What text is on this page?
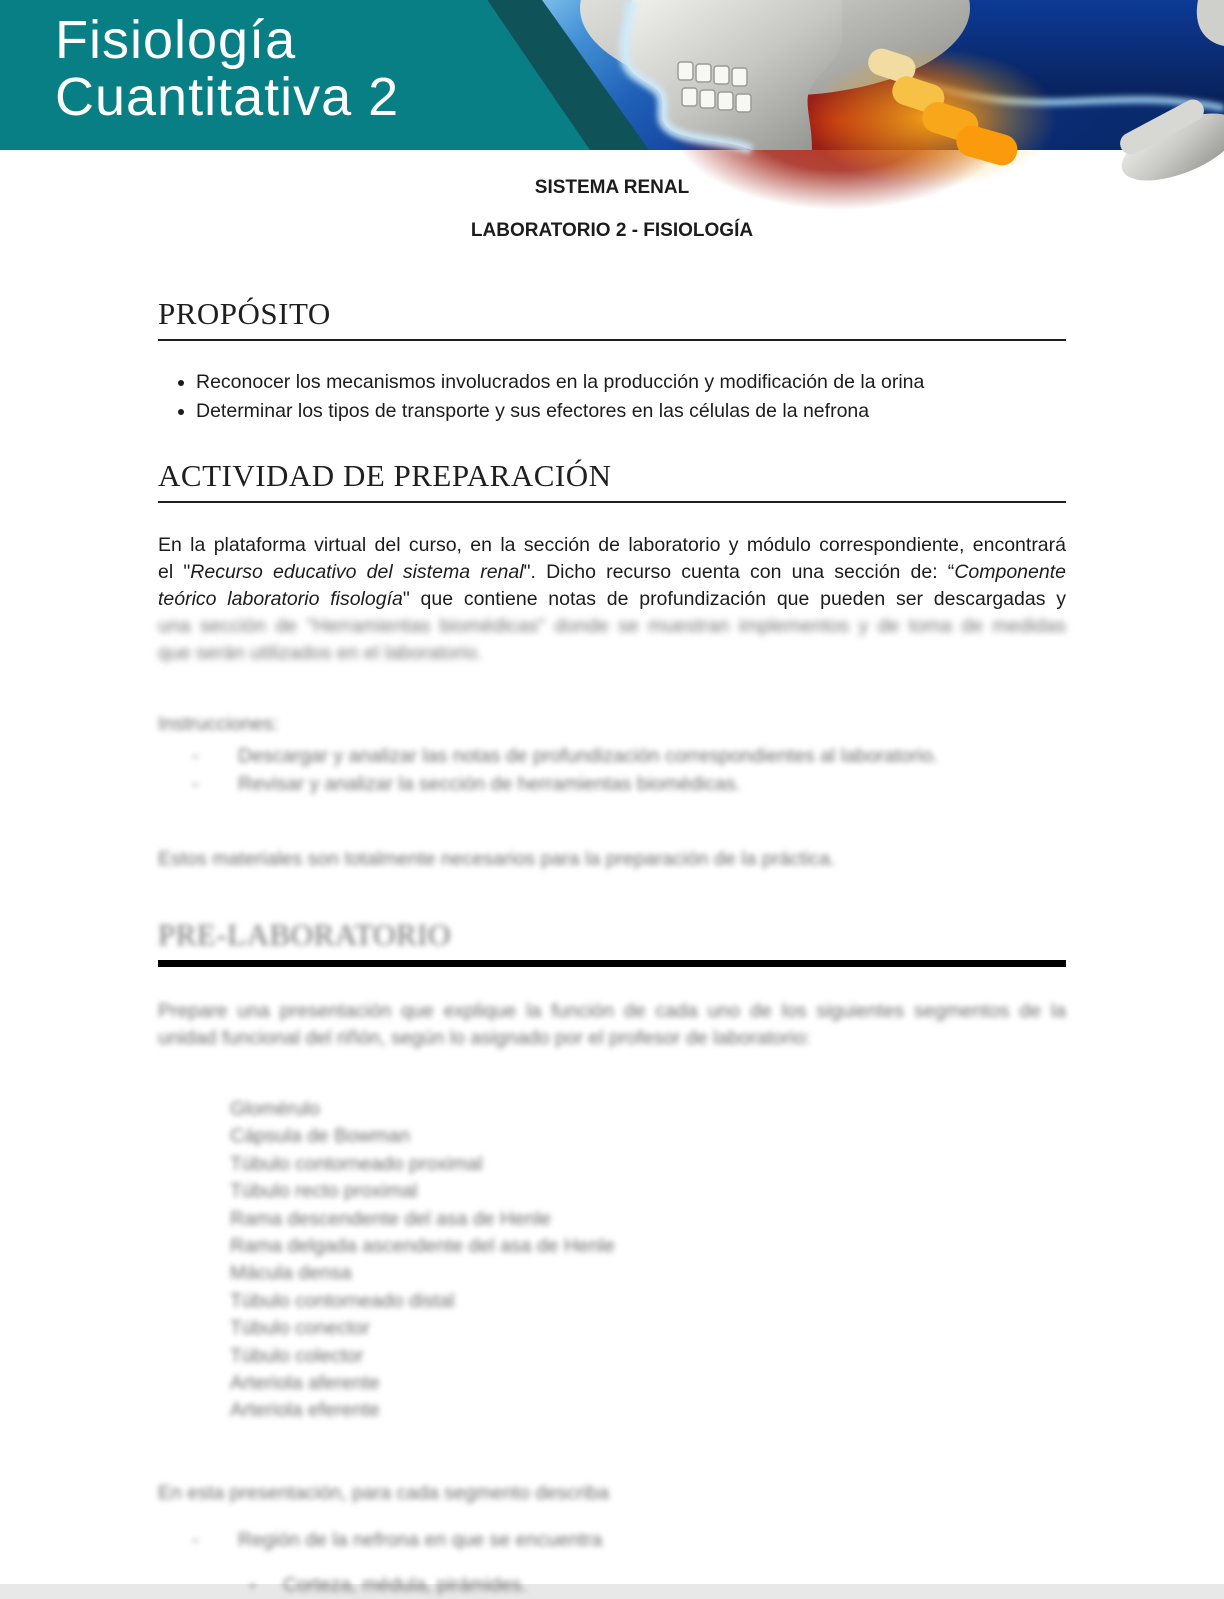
Fisiología
Cuantitativa 2

SISTEMA RENAL

LABORATORIO 2 - FISIOLOGÍA

PROPÓSITO
• Reconocer los mecanismos involucrados en la producción y modificación de la orina
• Determinar los tipos de transporte y sus efectores en las células de la nefrona
ACTIVIDAD DE PREPARACIÓN
En la plataforma virtual del curso, en la sección de laboratorio y módulo correspondiente, encontrará
el "Recurso educativo del sistema renal". Dicho recurso cuenta con una sección de: “Componente
teórico laboratorio fisología" que contiene notas de profundización que pueden ser descargadas y
una sección de "Herramientas biomédicas" donde se muestran implementos y de toma de medidas
que serán utilizados en el laboratorio.

Instrucciones:

-	Descargar y analizar las notas de profundización correspondientes al laboratorio.
-	Revisar y analizar la sección de herramientas biomédicas.

Estos materiales son totalmente necesarios para la preparación de la práctica.

PRE-LABORATORIO
Prepare una presentación que explique la función de cada uno de los siguientes segmentos de la
unidad funcional del riñón, según lo asignado por el profesor de laboratorio:
Glomérulo
Cápsula de Bowman
Túbulo contorneado proximal
Túbulo recto proximal
Rama descendente del asa de Henle
Rama delgada ascendente del asa de Henle
Mácula densa
Túbulo contorneado distal
Túbulo conector
Túbulo colector
Arteriola aferente
Arteriola eferente

En esta presentación, para cada segmento describa

-	Región de la nefrona en que se encuentra
•	Corteza, médula, pirámides.
